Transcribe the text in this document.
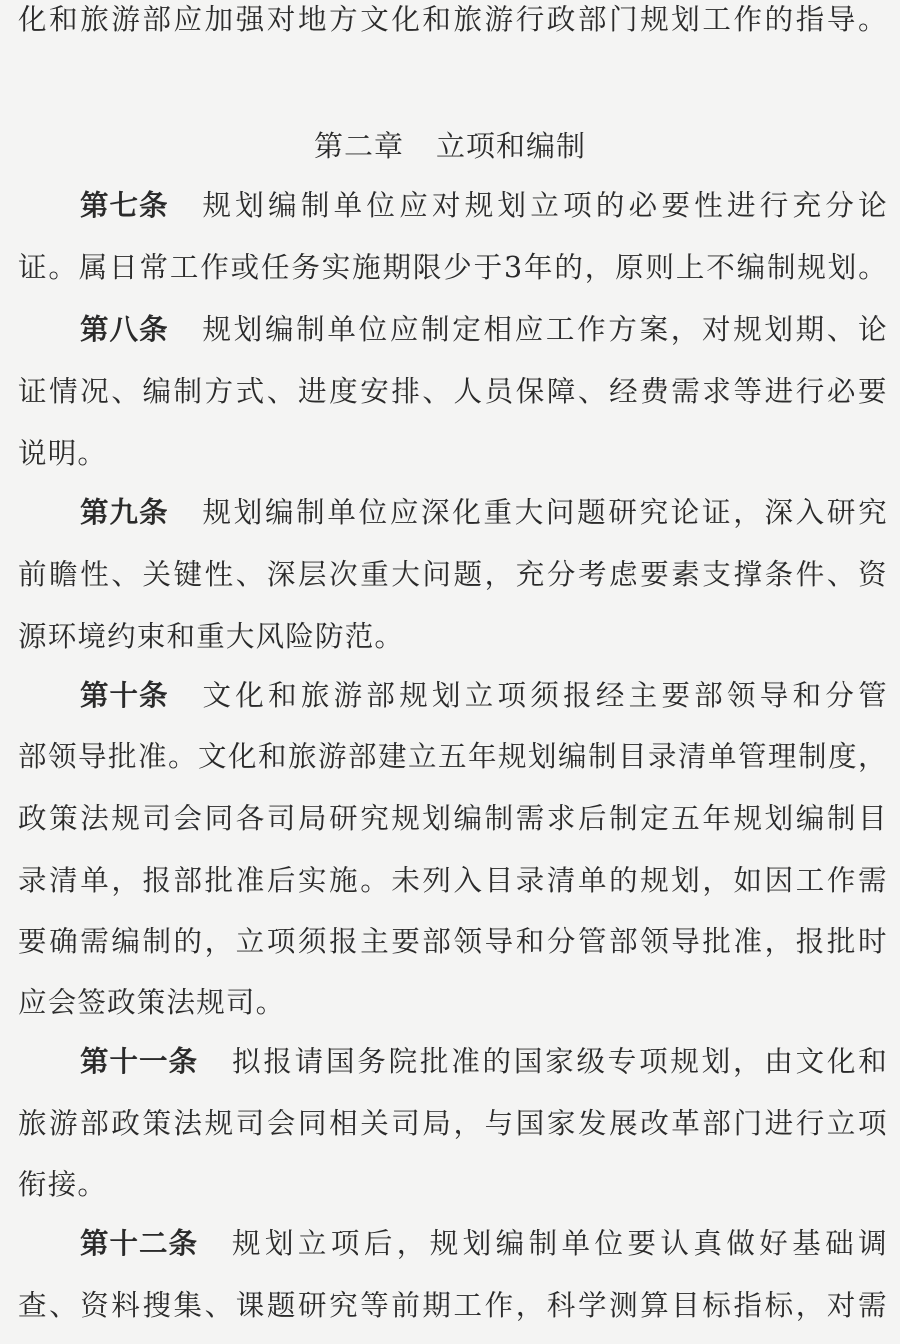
化 和 旅 游 部 应 加 强 对 地 方 文 化 和 旅 游 行 政 部 门 规 划 工 作 的 指 导 。
第二章 立项和编制
第七条 规 划 编 制 单 位 应 对 规 划 立 项 的 必 要 性 进 行 充 分 论
证 。 属 日 常 工 作 或 任 务 实 施 期 限 少 于 3 年 的 ， 原 则 上 不 编 制 规 划 。
第八条 规 划 编 制 单 位 应 制 定 相 应 工 作 方 案 ， 对 规 划 期 、 论
证 情 况 、 编 制 方 式 、 进 度 安 排 、 人 员 保 障 、 经 费 需 求 等 进 行 必 要
说明。
第九条 规 划 编 制 单 位 应 深 化 重 大 问 题 研 究 论 证 ， 深 入 研 究
前 瞻 性 、 关 键 性 、 深 层 次 重 大 问 题 ， 充 分 考 虑 要 素 支 撑 条 件 、 资
源环境约束和重大风险防范。
第十条 文 化 和 旅 游 部 规 划 立 项 须 报 经 主 要 部 领 导 和 分 管
部 领 导 批 准 。 文 化 和 旅 游 部 建 立 五 年 规 划 编 制 目 录 清 单 管 理 制 度 ，
政 策 法 规 司 会 同 各 司 局 研 究 规 划 编 制 需 求 后 制 定 五 年 规 划 编 制 目
录 清 单 ， 报 部 批 准 后 实 施 。 未 列 入 目 录 清 单 的 规 划 ， 如 因 工 作 需
要 确 需 编 制 的 ， 立 项 须 报 主 要 部 领 导 和 分 管 部 领 导 批 准 ， 报 批 时
应会签政策法规司。
第十一条 拟 报 请 国 务 院 批 准 的 国 家 级 专 项 规 划 ， 由 文 化 和
旅 游 部 政 策 法 规 司 会 同 相 关 司 局 ， 与 国 家 发 展 改 革 部 门 进 行 立 项
衔接。
第十二条 规 划 立 项 后 ， 规 划 编 制 单 位 要 认 真 做 好 基 础 调
查 、 资 料 搜 集 、 课 题 研 究 等 前 期 工 作 ， 科 学 测 算 目 标 指 标 ， 对 需
